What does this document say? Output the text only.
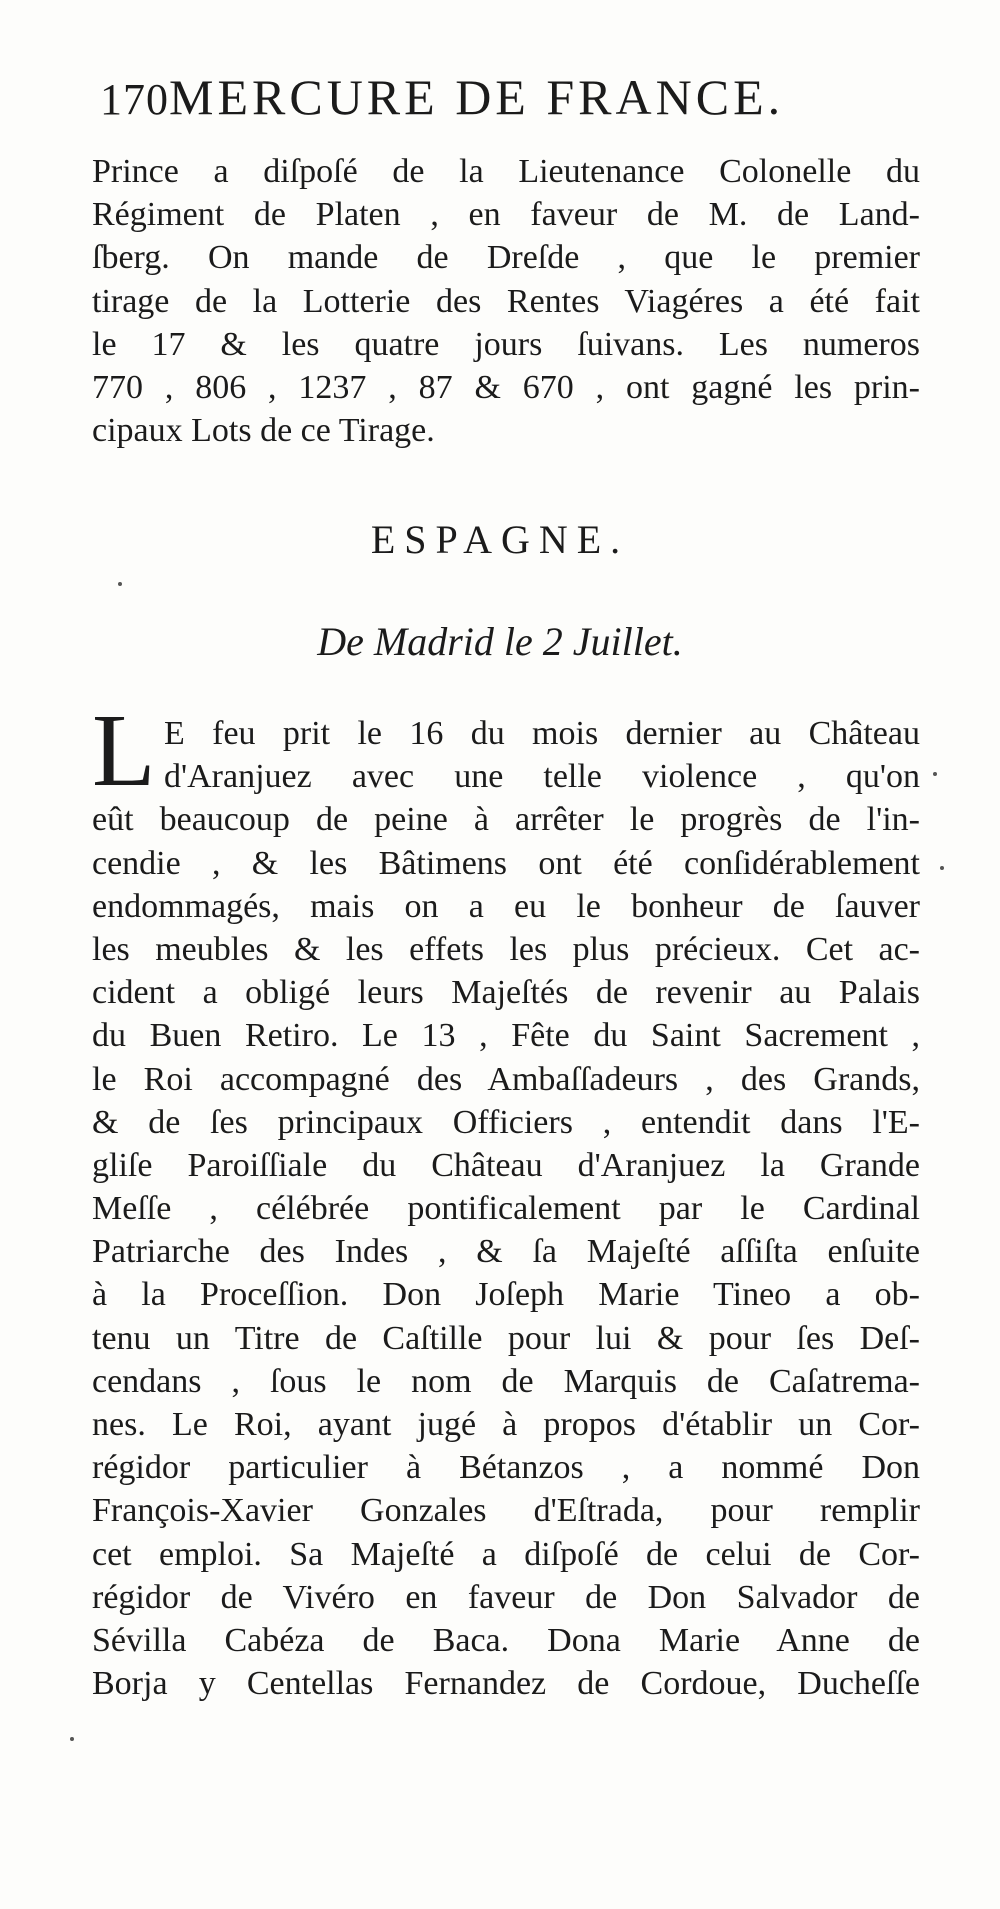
170MERCURE DE FRANCE.
Prince a diſpoſé de la Lieutenance Colonelle du
Régiment de Platen , en faveur de M. de Land-
ſberg. On mande de Dreſde , que le premier
tirage de la Lotterie des Rentes Viagéres a été fait
le 17 & les quatre jours ſuivans. Les numeros
770 , 806 , 1237 , 87 & 670 , ont gagné les prin-
cipaux Lots de ce Tirage.
ESPAGNE.
De Madrid le 2 Juillet.
L E feu prit le 16 du mois dernier au Château
d'Aranjuez avec une telle violence , qu'on
eût beaucoup de peine à arrêter le progrès de l'in-
cendie , & les Bâtimens ont été conſidérablement
endommagés, mais on a eu le bonheur de ſauver
les meubles & les effets les plus précieux. Cet ac-
cident a obligé leurs Majeſtés de revenir au Palais
du Buen Retiro. Le 13 , Fête du Saint Sacrement ,
le Roi accompagné des Ambaſſadeurs , des Grands,
& de ſes principaux Officiers , entendit dans l'E-
gliſe Paroiſſiale du Château d'Aranjuez la Grande
Meſſe , célébrée pontificalement par le Cardinal
Patriarche des Indes , & ſa Majeſté aſſiſta enſuite
à la Proceſſion. Don Joſeph Marie Tineo a ob-
tenu un Titre de Caſtille pour lui & pour ſes Deſ-
cendans , ſous le nom de Marquis de Caſatrema-
nes. Le Roi, ayant jugé à propos d'établir un Cor-
régidor particulier à Bétanzos , a nommé Don
François-Xavier Gonzales d'Eſtrada, pour remplir
cet emploi. Sa Majeſté a diſpoſé de celui de Cor-
régidor de Vivéro en faveur de Don Salvador de
Sévilla Cabéza de Baca. Dona Marie Anne de
Borja y Centellas Fernandez de Cordoue, Ducheſſe
